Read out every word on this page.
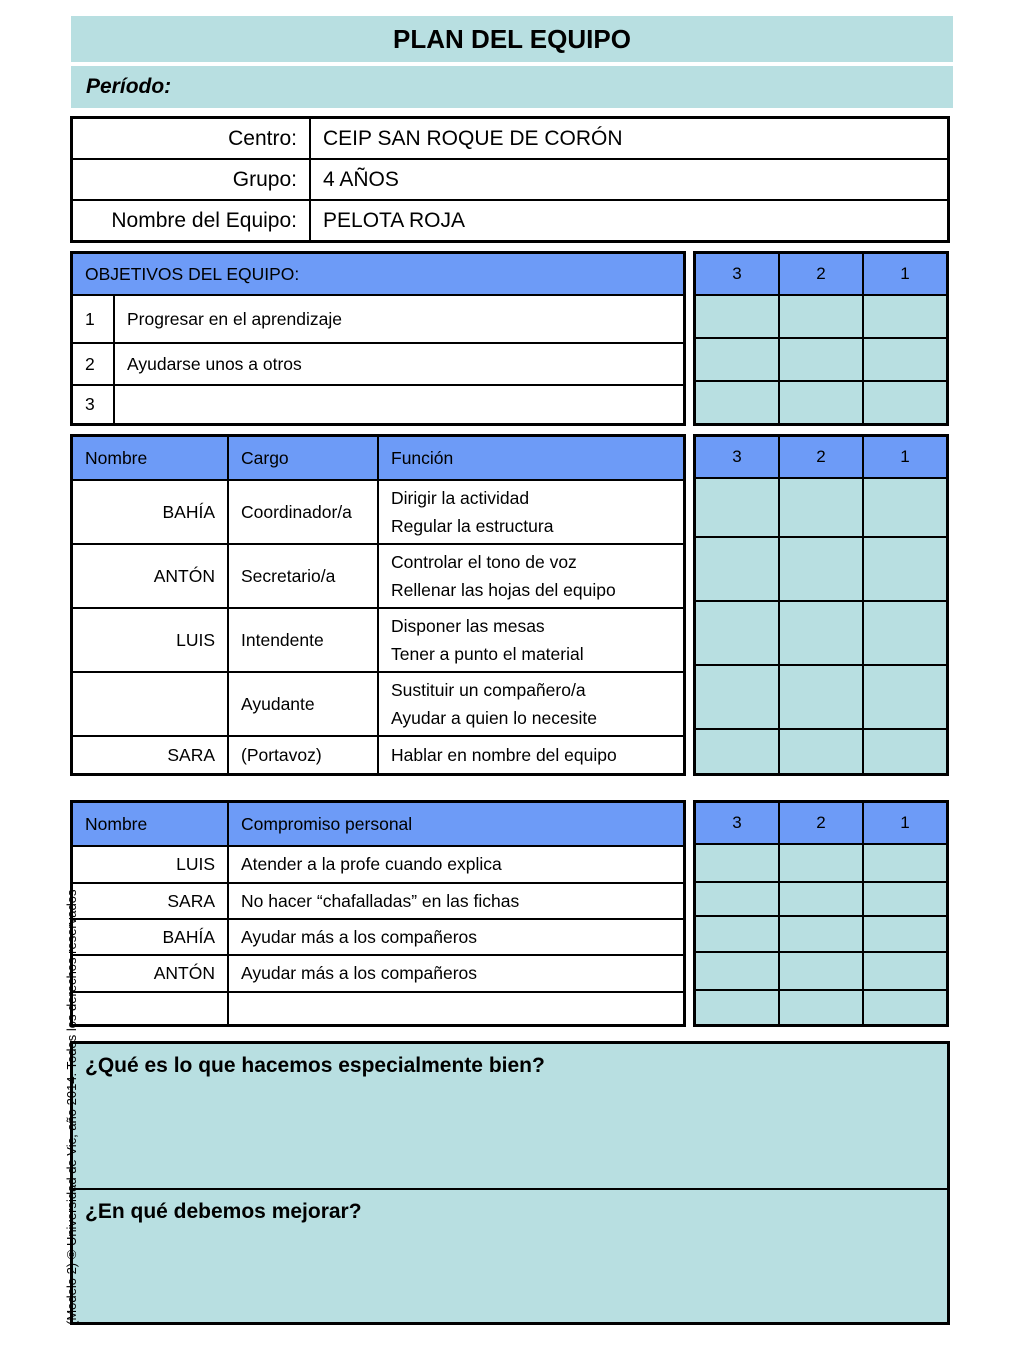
PLAN DEL EQUIPO
Período:
Centro:	CEIP SAN ROQUE DE CORÓN
Grupo:	4 AÑOS
Nombre del Equipo:	PELOTA ROJA
OBJETIVOS DEL EQUIPO:	
1	Progresar en el aprendizaje
2	Ayudarse unos a otros
3	
3	2	1

Nombre	Cargo	Función
BAHÍA	Coordinador/a	Dirigir la actividad
Regular la estructura

ANTÓN	Secretario/a	Controlar el tono de voz
Rellenar las hojas del equipo

LUIS	Intendente	Disponer las mesas
Tener a punto el material

	Ayudante	Sustituir un compañero/a
Ayudar a quien lo necesite

SARA	(Portavoz)	Hablar en nombre del equipo
3	2	1

Nombre	Compromiso personal
LUIS	Atender a la profe cuando explica
SARA	No hacer “chafalladas” en las fichas
BAHÍA	Ayudar más a los compañeros
ANTÓN	Ayudar más a los compañeros

3	2	1

¿Qué es lo que hacemos especialmente bien?
¿En qué debemos mejorar?
(Modelo 2) © Universidad de Vic, año 2014. Todos los derechos reservados
